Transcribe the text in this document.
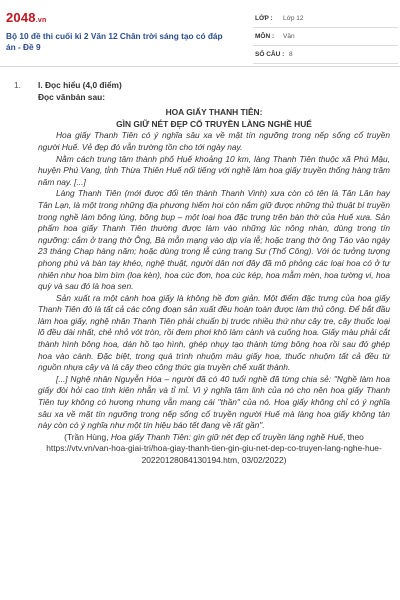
2048.vn
Bộ 10 đề thi cuối kì 2 Văn 12 Chân trời sáng tạo có đáp án - Đề 9
LỚP : Lớp 12
MÔN : Văn
SỐ CÂU : 8
1. I. Đọc hiểu (4,0 điểm)
Đọc vănbản sau:
HOA GIẤY THANH TIÊN:
GÌN GIỮ NÉT ĐẸP CỔ TRUYỀN LÀNG NGHỀ HUẾ

Hoa giấy Thanh Tiên có ý nghĩa sâu xa về mặt tín ngưỡng trong nếp sống cổ truyền người Huế. Vẻ đẹp đó vẫn trường tồn cho tới ngày nay.

Nằm cách trung tâm thành phố Huế khoảng 10 km, làng Thanh Tiên thuộc xã Phú Mậu, huyện Phú Vang, tỉnh Thừa Thiên Huế nổi tiếng với nghề làm hoa giấy truyền thống hàng trăm năm nay. [...]

Làng Thanh Tiên (mới được đổi tên thành Thanh Vinh) xưa còn có tên là Tân Lăn hay Tân Lạn, là một trong những địa phương hiếm hoi còn nắm giữ được những thủ thuật bí truyền trong nghề làm bông lúng, bông bụp – một loại hoa đặc trưng trên bàn thờ của Huế xưa. Sản phẩm hoa giấy Thanh Tiên thường được làm vào những lúc nông nhàn, dùng trong tín ngưỡng: cắm ở trang thờ Ông, Bà mỗn mạng vào dịp vía lễ; hoặc trang thờ ông Táo vào ngày 23 tháng Chạp hàng năm; hoặc dùng trong lễ cúng trang Sư (Thổ Công). Với óc tưởng tượng phong phú và bàn tay khéo, nghệ thuật, người dân nơi đây đã mô phỏng các loại hoa có ở tự nhiên như hoa bìm bìm (loa kèn), hoa cúc đơn, hoa cúc kép, hoa mẫm mèn, hoa tường vi, hoa quỳ và sau đó là hoa sen.

Sản xuất ra một cành hoa giấy là không hề đơn giản. Một điểm đặc trưng của hoa giấy Thanh Tiên đó là tất cả các công đoạn sản xuất đều hoàn toàn được làm thủ công. Để bắt đầu làm hoa giấy, nghệ nhân Thanh Tiên phải chuẩn bị trước nhiều thứ như cây tre, cây thuốc loại lõ đều dài nhất, chẻ nhỏ vót tròn, rồi đem phơi khô làm cành và cuống hoa. Giấy màu phải cắt thành hình bông hoa, dán hồ tạo hình, ghép nhụy tạo thành từng bông hoa rồi sau đó ghép hoa vào cành. Đặc biệt, trong quá trình nhuộm màu giấy hoa, thuốc nhuộm tất cả đều từ nguồn nhựa cây và lá cây theo công thức gia truyền chế xuất thành.

[...] Nghệ nhân Nguyễn Hóa – người đã có 40 tuổi nghề đã từng chia sẻ: "Nghề làm hoa giấy đòi hỏi cao tính kiên nhẫn và tỉ mỉ. Vì ý nghĩa tâm linh của nó cho nên hoa giấy Thanh Tiên tuy không có hương nhưng vẫn mang cái "thần" của nó. Hoa giấy không chỉ có ý nghĩa sâu xa về mặt tín ngưỡng trong nếp sống cổ truyền người Huế mà làng hoa giấy không tàn này còn có ý nghĩa như một tín hiệu báo tết đang về rất gần".

(Trần Hùng, Hoa giấy Thanh Tiên: gìn giữ nét đẹp cổ truyền làng nghề Huế, theo https://vtv.vn/van-hoa-giai-tri/hoa-giay-thanh-tien-gin-giu-net-dep-co-truyen-lang-nghe-hue-20220128084130194.htm, 03/02/2022)
